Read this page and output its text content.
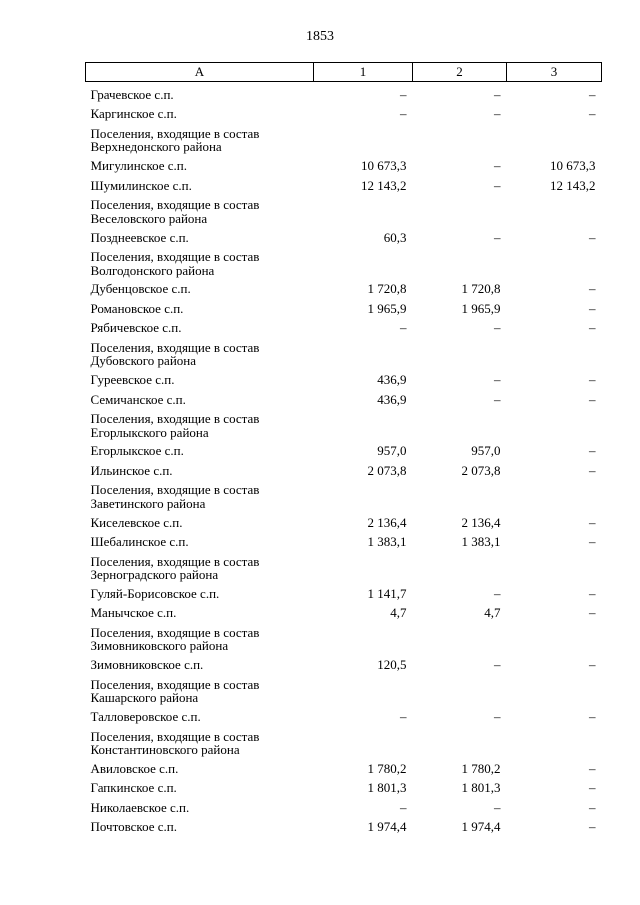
1853
А	1	2	3
Грачевское с.п.	–	–	–
Каргинское с.п.	–	–	–
Поселения, входящие в состав Верхнедонского района			
Мигулинское с.п.	10 673,3	–	10 673,3
Шумилинское с.п.	12 143,2	–	12 143,2
Поселения, входящие в состав Веселовского района			
Позднеевское с.п.	60,3	–	–
Поселения, входящие в состав Волгодонского района			
Дубенцовское с.п.	1 720,8	1 720,8	–
Романовское с.п.	1 965,9	1 965,9	–
Рябичевское с.п.	–	–	–
Поселения, входящие в состав Дубовского района			
Гуреевское с.п.	436,9	–	–
Семичанское с.п.	436,9	–	–
Поселения, входящие в состав Егорлыкского района			
Егорлыкское с.п.	957,0	957,0	–
Ильинское с.п.	2 073,8	2 073,8	–
Поселения, входящие в состав Заветинского района			
Киселевское с.п.	2 136,4	2 136,4	–
Шебалинское с.п.	1 383,1	1 383,1	–
Поселения, входящие в состав Зерноградского района			
Гуляй-Борисовское с.п.	1 141,7	–	–
Манычское с.п.	4,7	4,7	–
Поселения, входящие в состав Зимовниковского района			
Зимовниковское с.п.	120,5	–	–
Поселения, входящие в состав Кашарского района			
Талловеровское с.п.	–	–	–
Поселения, входящие в состав Константиновского района			
Авиловское с.п.	1 780,2	1 780,2	–
Гапкинское с.п.	1 801,3	1 801,3	–
Николаевское с.п.	–	–	–
Почтовское с.п.	1 974,4	1 974,4	–
